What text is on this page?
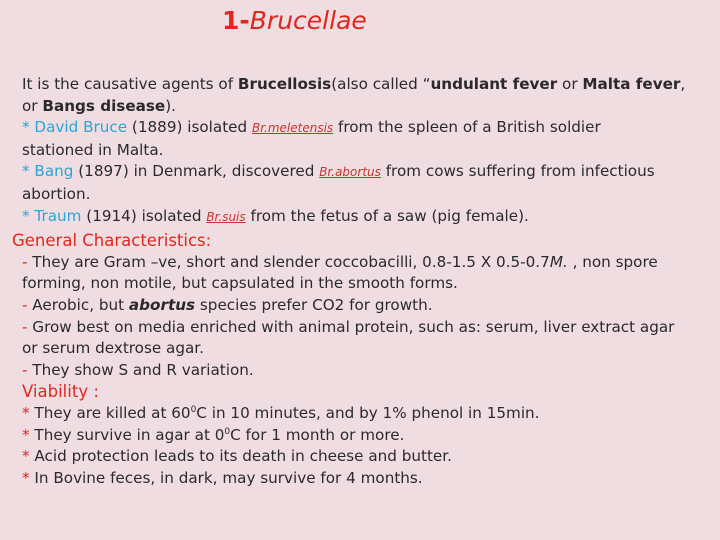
1-Brucellae
It is the causative agents of Brucellosis(also called “undulant fever or Malta fever,
or Bangs disease).
* David Bruce (1889) isolated Br.meletensis from the spleen of a British soldier
stationed in Malta.
* Bang (1897) in Denmark, discovered Br.abortus from cows suffering from infectious
abortion.
* Traum (1914) isolated Br.suis from the fetus of a saw (pig female).
General Characteristics:
- They are Gram –ve, short and slender coccobacilli, 0.8-1.5 X 0.5-0.7M. , non spore
forming, non motile, but capsulated in the smooth forms.
- Aerobic, but abortus species prefer CO2 for growth.
- Grow best on media enriched with animal protein, such as: serum, liver extract agar
or serum dextrose agar.
- They show S and R variation.
Viability :
* They are killed at $60^0C$ in 10 minutes, and by 1% phenol in 15min.
* They survive in agar at $0^0C$ for 1 month or more.
* Acid protection leads to its death in cheese and butter.
* In Bovine feces, in dark, may survive for 4 months.
